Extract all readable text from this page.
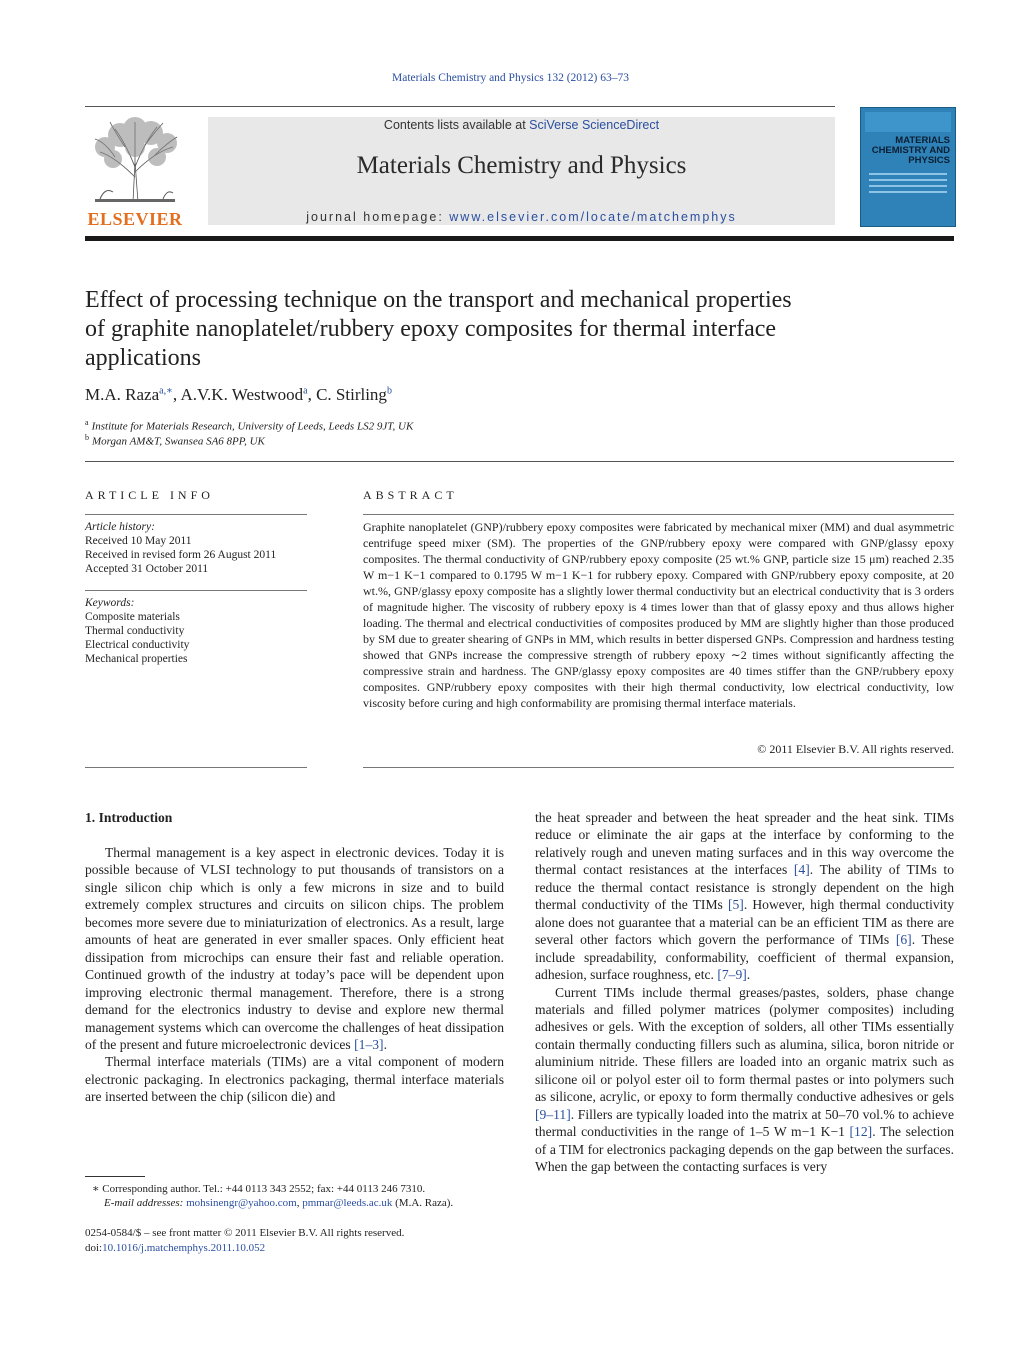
Materials Chemistry and Physics 132 (2012) 63–73
ELSEVIER
Contents lists available at SciVerse ScienceDirect
Materials Chemistry and Physics
journal homepage: www.elsevier.com/locate/matchemphys
MATERIALS CHEMISTRY AND PHYSICS
Effect of processing technique on the transport and mechanical properties of graphite nanoplatelet/rubbery epoxy composites for thermal interface applications
M.A. Raza$^{a,∗}$, A.V.K. Westwood$^a$, C. Stirling$^b$
$^a$ Institute for Materials Research, University of Leeds, Leeds LS2 9JT, UK
$^b$ Morgan AM&T, Swansea SA6 8PP, UK
ARTICLE INFO
Article history:
Received 10 May 2011
Received in revised form 26 August 2011
Accepted 31 October 2011
Keywords:
Composite materials
Thermal conductivity
Electrical conductivity
Mechanical properties
ABSTRACT
Graphite nanoplatelet (GNP)/rubbery epoxy composites were fabricated by mechanical mixer (MM) and dual asymmetric centrifuge speed mixer (SM). The properties of the GNP/rubbery epoxy were compared with GNP/glassy epoxy composites. The thermal conductivity of GNP/rubbery epoxy composite (25 wt.% GNP, particle size 15 μm) reached 2.35 W m−1 K−1 compared to 0.1795 W m−1 K−1 for rubbery epoxy. Compared with GNP/rubbery epoxy composite, at 20 wt.%, GNP/glassy epoxy composite has a slightly lower thermal conductivity but an electrical conductivity that is 3 orders of magnitude higher. The viscosity of rubbery epoxy is 4 times lower than that of glassy epoxy and thus allows higher loading. The thermal and electrical conductivities of composites produced by MM are slightly higher than those produced by SM due to greater shearing of GNPs in MM, which results in better dispersed GNPs. Compression and hardness testing showed that GNPs increase the compressive strength of rubbery epoxy ∼2 times without significantly affecting the compressive strain and hardness. The GNP/glassy epoxy composites are 40 times stiffer than the GNP/rubbery epoxy composites. GNP/rubbery epoxy composites with their high thermal conductivity, low electrical conductivity, low viscosity before curing and high conformability are promising thermal interface materials.
© 2011 Elsevier B.V. All rights reserved.
1. Introduction

Thermal management is a key aspect in electronic devices. Today it is possible because of VLSI technology to put thousands of transistors on a single silicon chip which is only a few microns in size and to build extremely complex structures and circuits on silicon chips. The problem becomes more severe due to miniaturization of electronics. As a result, large amounts of heat are generated in ever smaller spaces. Only efficient heat dissipation from microchips can ensure their fast and reliable operation. Continued growth of the industry at today’s pace will be dependent upon improving electronic thermal management. Therefore, there is a strong demand for the electronics industry to devise and explore new thermal management systems which can overcome the challenges of heat dissipation of the present and future microelectronic devices [1–3].

Thermal interface materials (TIMs) are a vital component of modern electronic packaging. In electronics packaging, thermal interface materials are inserted between the chip (silicon die) and

the heat spreader and between the heat spreader and the heat sink. TIMs reduce or eliminate the air gaps at the interface by conforming to the relatively rough and uneven mating surfaces and in this way overcome the thermal contact resistances at the interfaces [4]. The ability of TIMs to reduce the thermal contact resistance is strongly dependent on the high thermal conductivity of the TIMs [5]. However, high thermal conductivity alone does not guarantee that a material can be an efficient TIM as there are several other factors which govern the performance of TIMs [6]. These include spreadability, conformability, coefficient of thermal expansion, adhesion, surface roughness, etc. [7–9].

Current TIMs include thermal greases/pastes, solders, phase change materials and filled polymer matrices (polymer composites) including adhesives or gels. With the exception of solders, all other TIMs essentially contain thermally conducting fillers such as alumina, silica, boron nitride or aluminium nitride. These fillers are loaded into an organic matrix such as silicone oil or polyol ester oil to form thermal pastes or into polymers such as silicone, acrylic, or epoxy to form thermally conductive adhesives or gels [9–11]. Fillers are typically loaded into the matrix at 50–70 vol.% to achieve thermal conductivities in the range of 1–5 W m−1 K−1 [12]. The selection of a TIM for electronics packaging depends on the gap between the surfaces. When the gap between the contacting surfaces is very

∗ Corresponding author. Tel.: +44 0113 343 2552; fax: +44 0113 246 7310.
E-mail addresses: mohsinengr@yahoo.com, pmmar@leeds.ac.uk (M.A. Raza).
0254-0584/$ – see front matter © 2011 Elsevier B.V. All rights reserved.
doi:10.1016/j.matchemphys.2011.10.052
